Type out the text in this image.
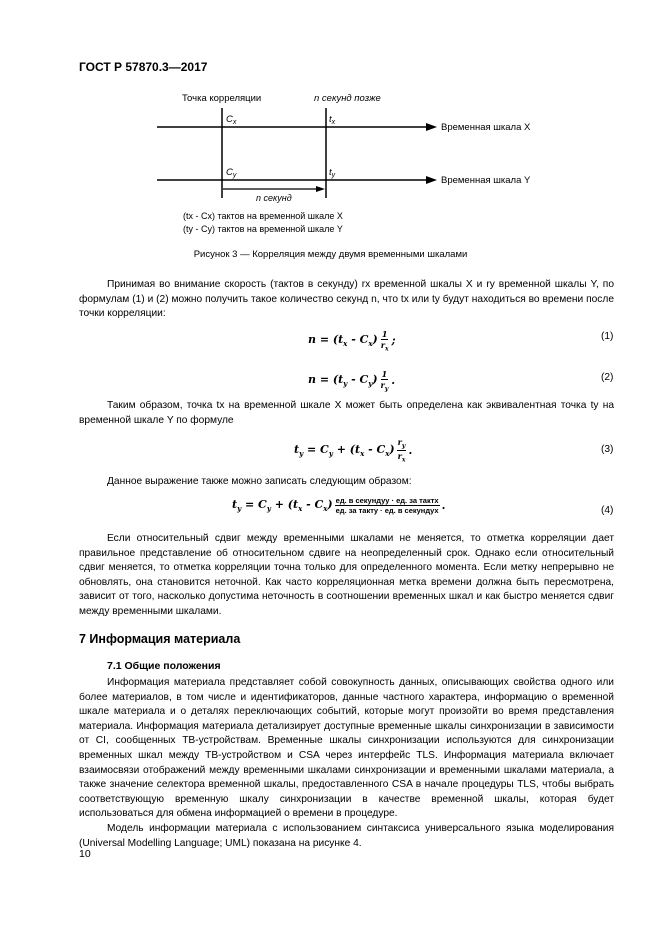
ГОСТ Р 57870.3—2017
Точка корреляции	n секунд позже
Временная шкала X
Временная шкала Y
$C_x$	$t_x$
$C_y$	$t_y$
n секунд
(tx - Cx) тактов на временной шкале X
(ty - Cy) тактов на временной шкале Y
Рисунок 3 — Корреляция между двумя временными шкалами

Принимая во внимание скорость (тактов в секунду) rx временной шкалы X и ry временной шкалы Y, по формулам (1) и (2) можно получить такое количество секунд n, что tx или ty будут находиться во времени после точки корреляции:

$n = (t_x - C_x) \frac{1}{r_x}$ ;	(1)
$n = (t_y - C_y) \frac{1}{r_y}$ .	(2)

Таким образом, точка tx на временной шкале X может быть определена как эквивалентная точка ty на временной шкале Y по формуле

$t_y = C_y + (t_x - C_x) \frac{r_y}{r_x}$ .	(3)

Данное выражение также можно записать следующим образом:

$t_y = C_y + (t_x - C_x) \frac{\text{ед. в секундуу · ед. за тактх}}{\text{ед. за тактy · ед. в секундух}}$ .	(4)

Если относительный сдвиг между временными шкалами не меняется, то отметка корреляции дает правильное представление об относительном сдвиге на неопределенный срок. Однако если относительный сдвиг меняется, то отметка корреляции точна только для определенного момента. Если метку непрерывно не обновлять, она становится неточной. Как часто корреляционная метка времени должна быть пересмотрена, зависит от того, насколько допустима неточность в соотношении временных шкал и как быстро меняется сдвиг между временными шкалами.

7 Информация материала
7.1 Общие положения

Информация материала представляет собой совокупность данных, описывающих свойства одного или более материалов, в том числе и идентификаторов, данные частного характера, информацию о временной шкале материала и о деталях переключающих событий, которые могут произойти во время представления материала. Информация материала детализирует доступные временные шкалы синхронизации в зависимости от CI, сообщенных ТВ-устройствам. Временные шкалы синхронизации используются для синхронизации временных шкал между ТВ-устройством и CSA через интерфейс TLS. Информация материала включает взаимосвязи отображений между временными шкалами синхронизации и временными шкалами материала, а также значение селектора временной шкалы, предоставленного CSA в начале процедуры TLS, чтобы выбрать соответствующую временную шкалу синхронизации в качестве временной шкалы, которая будет использоваться для обмена информацией о времени в процедуре.

Модель информации материала с использованием синтаксиса универсального языка моделирования (Universal Modelling Language; UML) показана на рисунке 4.

10
